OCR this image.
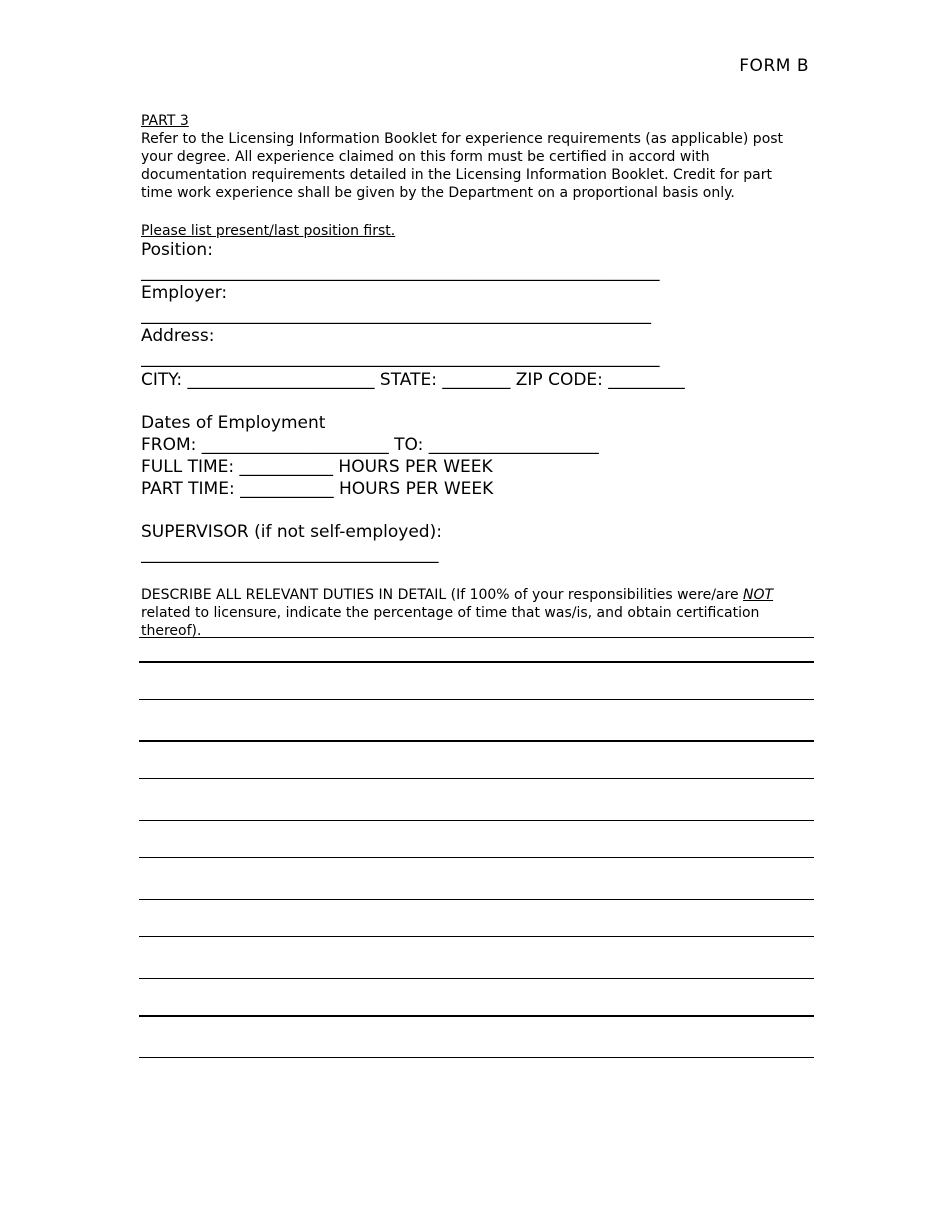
FORM B
PART 3

Refer to the Licensing Information Booklet for experience requirements (as applicable) post your degree. All experience claimed on this form must be certified in accord with documentation requirements detailed in the Licensing Information Booklet. Credit for part time work experience shall be given by the Department on a proportional basis only.

Please list present/last position first.
Position:
_____________________________________________________________
Employer:
____________________________________________________________
Address:
_____________________________________________________________
CITY: ______________________ STATE: ________ ZIP CODE: _________
Dates of Employment
FROM: ______________________ TO: ____________________
FULL TIME: ___________ HOURS PER WEEK
PART TIME: ___________ HOURS PER WEEK
SUPERVISOR (if not self-employed):
___________________________________
DESCRIBE ALL RELEVANT DUTIES IN DETAIL (If 100% of your responsibilities were/are NOT related to licensure, indicate the percentage of time that was/is, and obtain certification thereof).
